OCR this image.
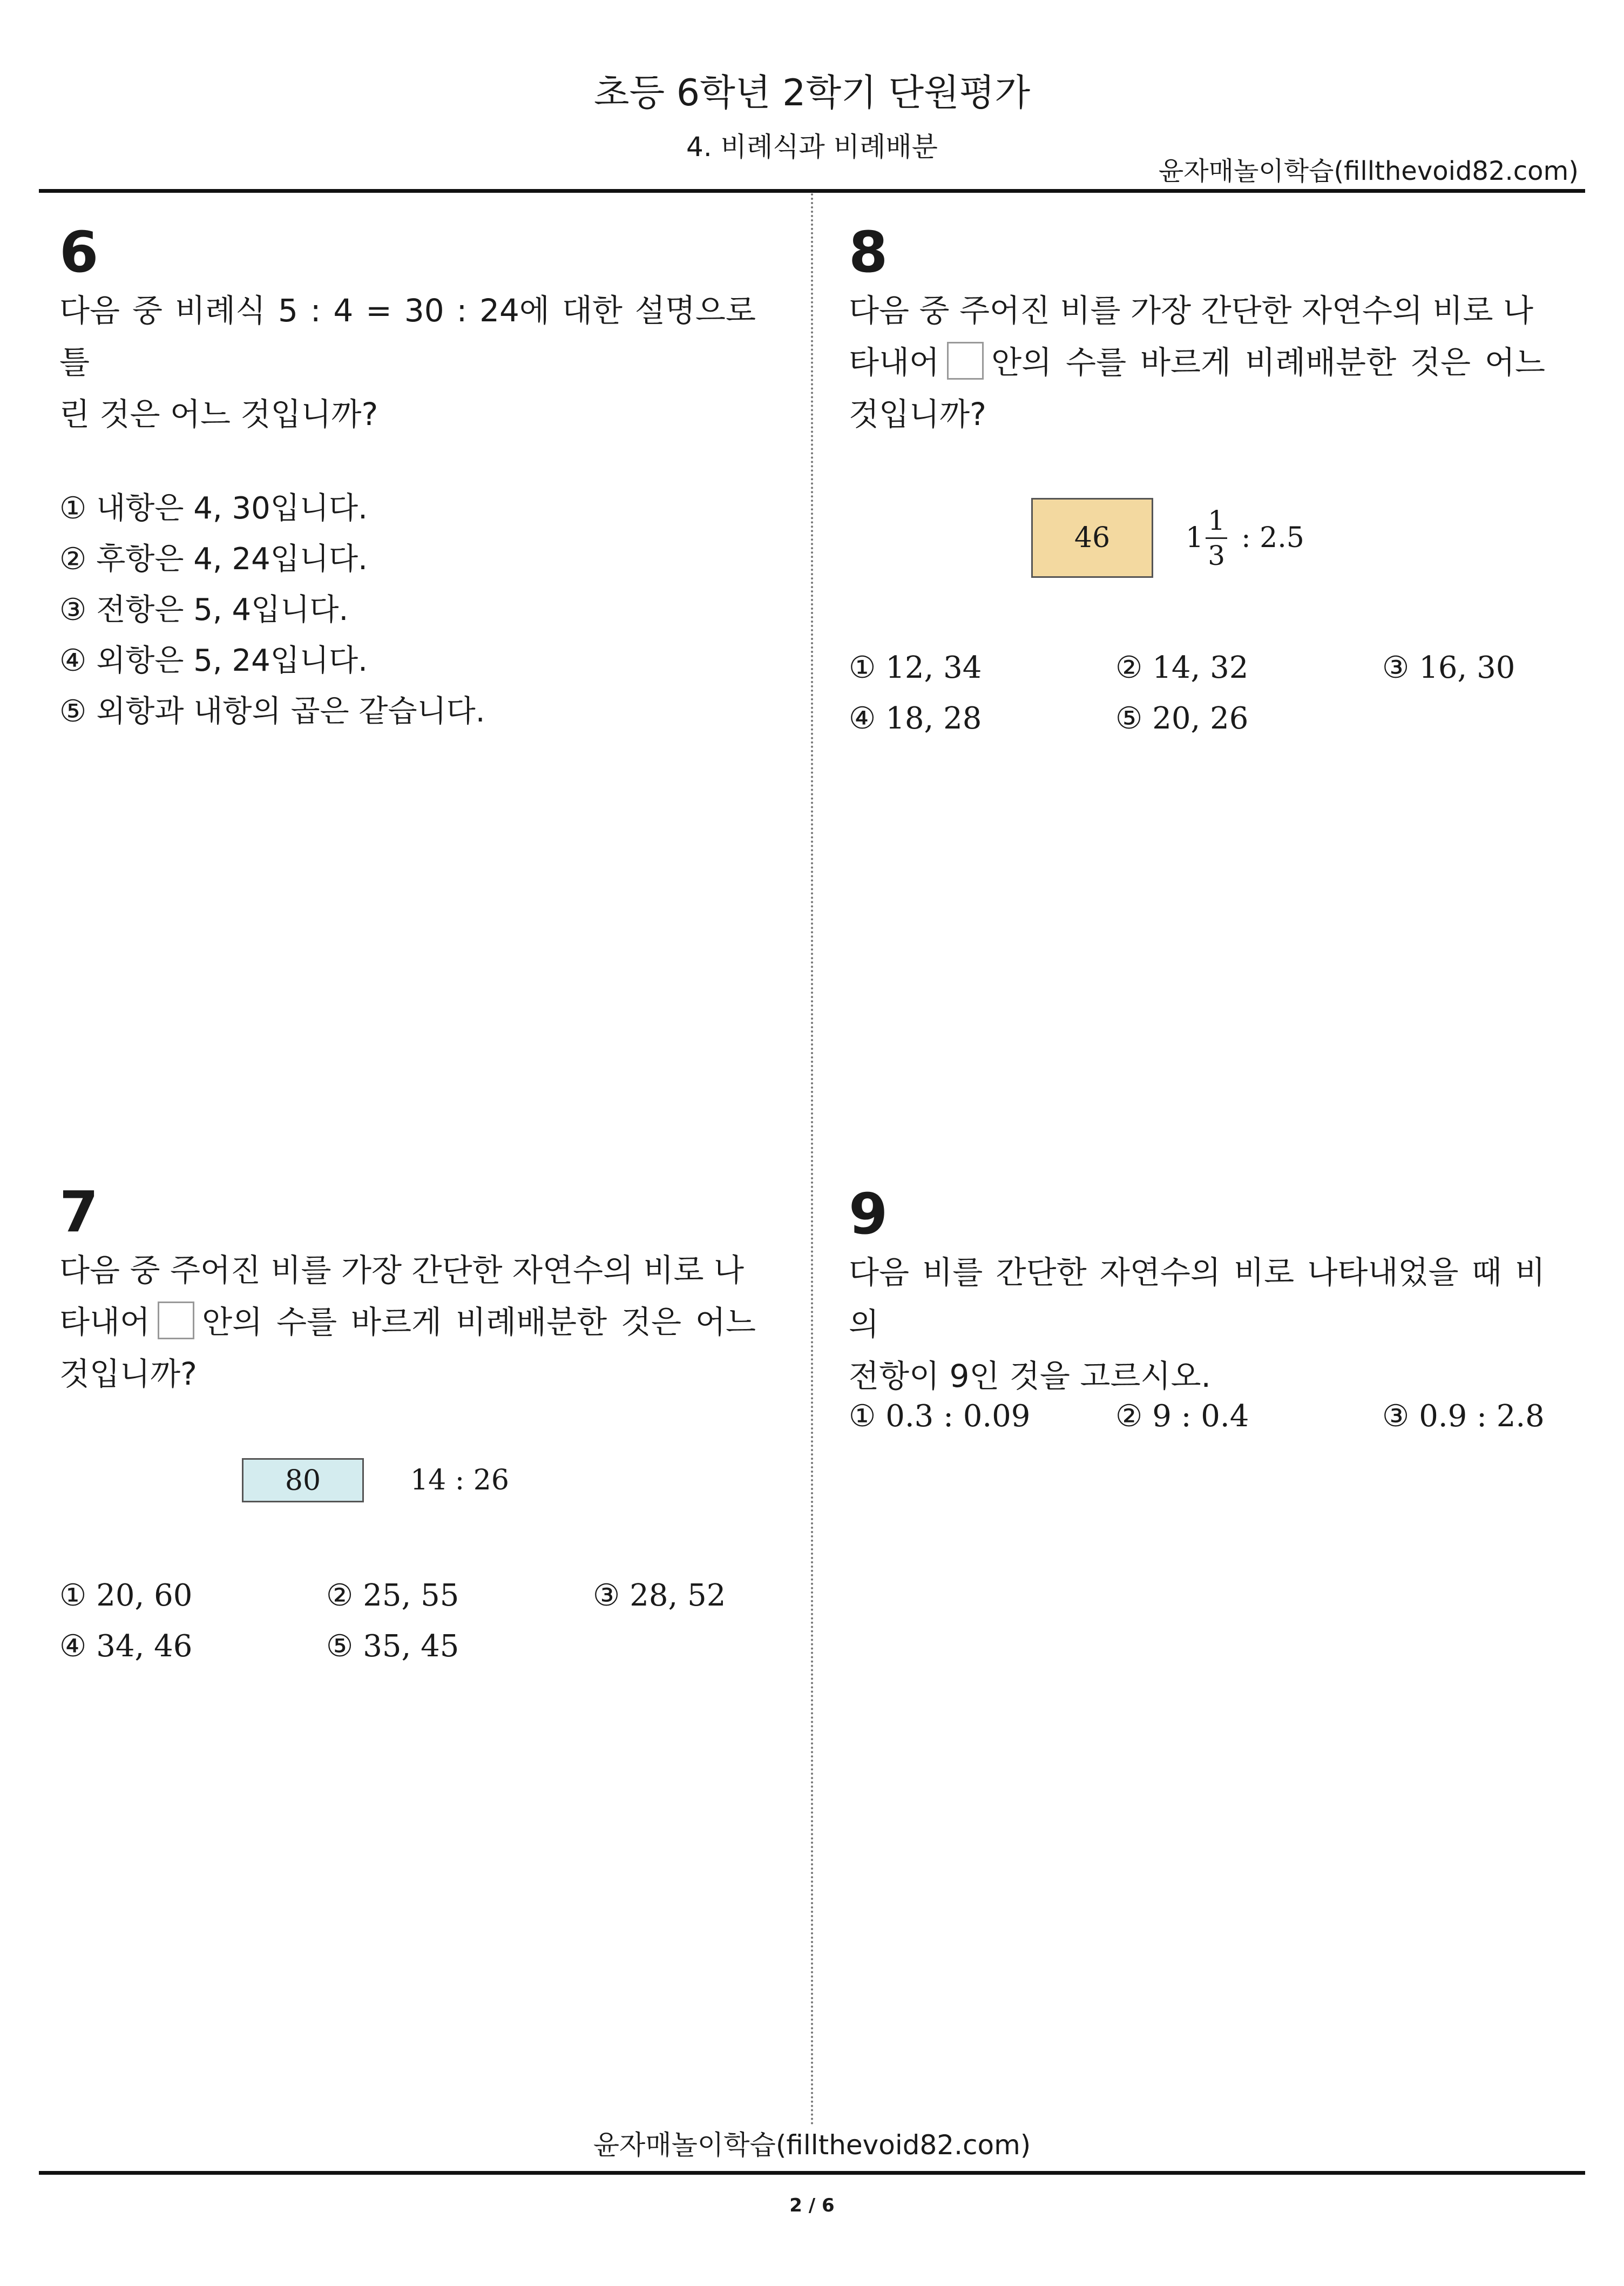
초등 6학년 2학기 단원평가
4. 비례식과 비례배분
윤자매놀이학습(fillthevoid82.com)
6
다음 중 비례식 5 : 4 = 30 : 24에 대한 설명으로 틀
린 것은 어느 것입니까?
① 내항은 4, 30입니다.
② 후항은 4, 24입니다.
③ 전항은 5, 4입니다.
④ 외항은 5, 24입니다.
⑤ 외항과 내항의 곱은 같습니다.
8
다음 중 주어진 비를 가장 간단한 자연수의 비로 나
타내어 안의 수를 바르게 비례배분한 것은 어느
것입니까?
46	$1 \frac{1}{3}$ : 2.5
① 12, 34	② 14, 32	③ 16, 30
④ 18, 28	⑤ 20, 26
7
다음 중 주어진 비를 가장 간단한 자연수의 비로 나
타내어 안의 수를 바르게 비례배분한 것은 어느
것입니까?
80	14 : 26
① 20, 60	② 25, 55	③ 28, 52
④ 34, 46	⑤ 35, 45
9
다음 비를 간단한 자연수의 비로 나타내었을 때 비의
전항이 9인 것을 고르시오.
① 0.3 : 0.09	② 9 : 0.4	③ 0.9 : 2.8
윤자매놀이학습(fillthevoid82.com)
2 / 6
